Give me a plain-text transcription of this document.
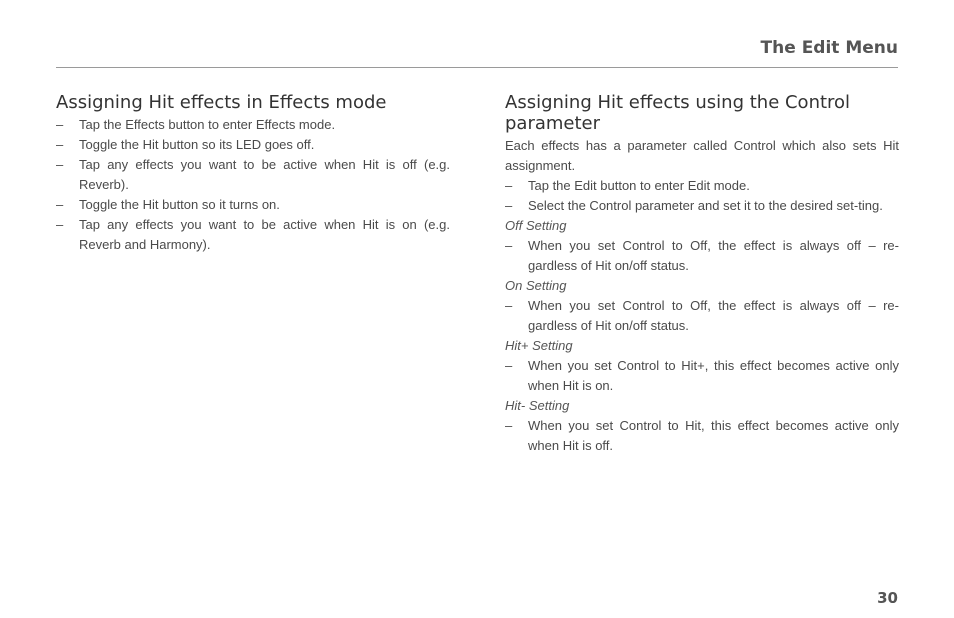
The Edit Menu
Assigning Hit effects in Effects mode
– Tap the Effects button to enter Effects mode.
– Toggle the Hit button so its LED goes off.
– Tap any effects you want to be active when Hit is off (e.g. Reverb).
– Toggle the Hit button so it turns on.
– Tap any effects you want to be active when Hit is on (e.g. Reverb and Harmony).
Assigning Hit effects using the Control parameter
Each effects has a parameter called Control which also sets Hit assignment.
– Tap the Edit button to enter Edit mode.
– Select the Control parameter and set it to the desired set-ting.
Off Setting
– When you set Control to Off, the effect is always off – re-gardless of Hit on/off status.
On Setting
– When you set Control to Off, the effect is always off – re-gardless of Hit on/off status.
Hit+ Setting
– When you set Control to Hit+, this effect becomes active only when Hit is on.
Hit- Setting
– When you set Control to Hit, this effect becomes active only when Hit is off.
30
